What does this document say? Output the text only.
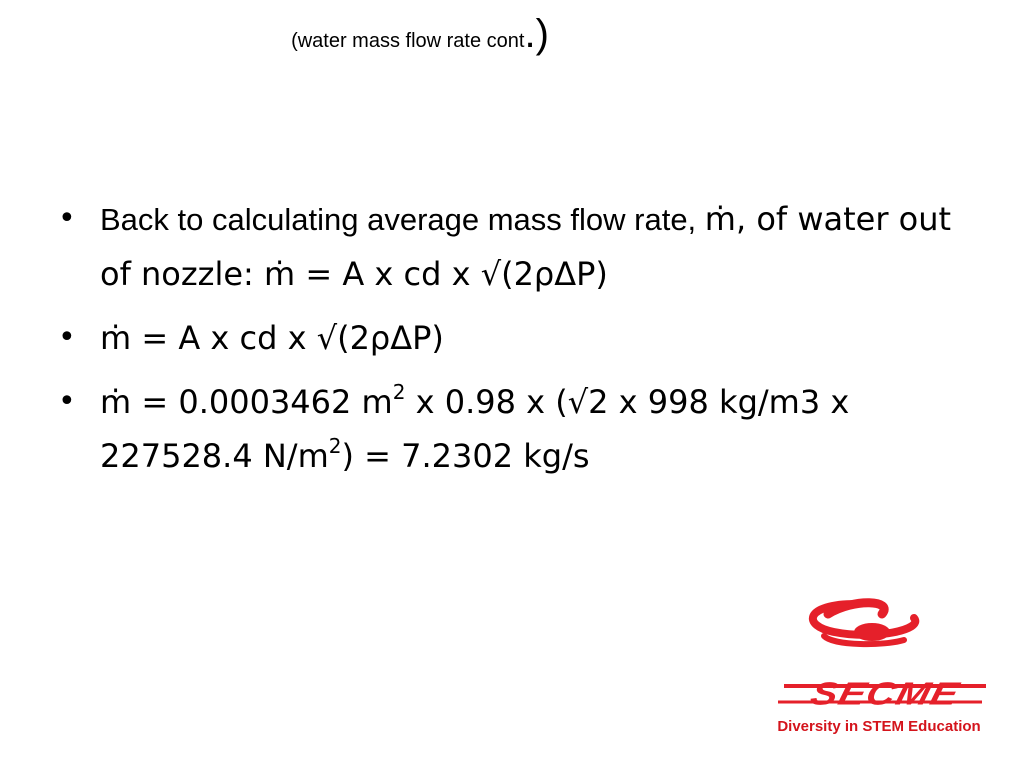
(water mass flow rate cont.)
• Back to calculating average mass flow rate, ṁ, of water out of nozzle: ṁ = A x cd x √(2ρΔP)
• ṁ = A x cd x √(2ρΔP)
• ṁ = 0.0003462 $m^2$ x 0.98 x (√2 x 998 kg/m3 x 227528.4 $N/m^2) = 7.2302$ kg/s
SECME
Diversity in STEM Education
